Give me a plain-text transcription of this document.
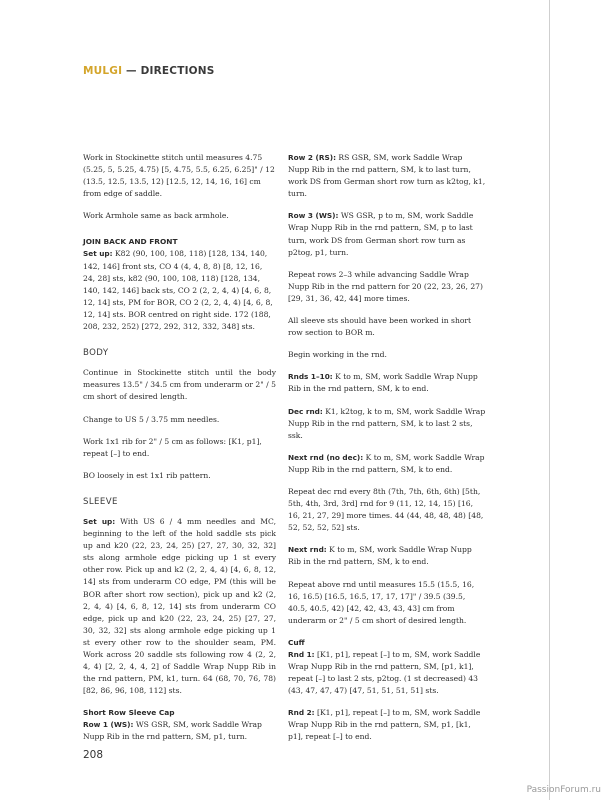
MULGI — DIRECTIONS

Work in Stockinette stitch until measures 4.75 (5.25, 5, 5.25, 4.75) [5, 4.75, 5.5, 6.25, 6.25]" / 12 (13.5, 12.5, 13.5, 12) [12.5, 12, 14, 16, 16] cm from edge of saddle.

Work Armhole same as back armhole.

JOIN BACK AND FRONT

Set up: K82 (90, 100, 108, 118) [128, 134, 140, 142, 146] front sts, CO 4 (4, 4, 8, 8) [8, 12, 16, 24, 28] sts, k82 (90, 100, 108, 118) [128, 134, 140, 142, 146] back sts, CO 2 (2, 2, 4, 4) [4, 6, 8, 12, 14] sts, PM for BOR, CO 2 (2, 2, 4, 4) [4, 6, 8, 12, 14] sts. BOR centred on right side. 172 (188, 208, 232, 252) [272, 292, 312, 332, 348] sts.

BODY

Continue in Stockinette stitch until the body measures 13.5" / 34.5 cm from underarm or 2" / 5 cm short of desired length.

Change to US 5 / 3.75 mm needles.

Work 1x1 rib for 2" / 5 cm as follows: [K1, p1], repeat [–] to end.

BO loosely in est 1x1 rib pattern.

SLEEVE

Set up: With US 6 / 4 mm needles and MC, beginning to the left of the hold saddle sts pick up and k20 (22, 23, 24, 25) [27, 27, 30, 32, 32] sts along armhole edge picking up 1 st every other row. Pick up and k2 (2, 2, 4, 4) [4, 6, 8, 12, 14] sts from underarm CO edge, PM (this will be BOR after short row section), pick up and k2 (2, 2, 4, 4) [4, 6, 8, 12, 14] sts from underarm CO edge, pick up and k20 (22, 23, 24, 25) [27, 27, 30, 32, 32] sts along armhole edge picking up 1 st every other row to the shoulder seam, PM. Work across 20 saddle sts following row 4 (2, 2, 4, 4) [2, 2, 4, 4, 2] of Saddle Wrap Nupp Rib in the rnd pattern, PM, k1, turn. 64 (68, 70, 76, 78) [82, 86, 96, 108, 112] sts.

Short Row Sleeve Cap

Row 1 (WS): WS GSR, SM, work Saddle Wrap Nupp Rib in the rnd pattern, SM, p1, turn.

Row 2 (RS): RS GSR, SM, work Saddle Wrap Nupp Rib in the rnd pattern, SM, k to last turn, work DS from German short row turn as k2tog, k1, turn.

Row 3 (WS): WS GSR, p to m, SM, work Saddle Wrap Nupp Rib in the rnd pattern, SM, p to last turn, work DS from German short row turn as p2tog, p1, turn.

Repeat rows 2–3 while advancing Saddle Wrap Nupp Rib in the rnd pattern for 20 (22, 23, 26, 27) [29, 31, 36, 42, 44] more times.

All sleeve sts should have been worked in short row section to BOR m.

Begin working in the rnd.

Rnds 1–10: K to m, SM, work Saddle Wrap Nupp Rib in the rnd pattern, SM, k to end.

Dec rnd: K1, k2tog, k to m, SM, work Saddle Wrap Nupp Rib in the rnd pattern, SM, k to last 2 sts, ssk.

Next rnd (no dec): K to m, SM, work Saddle Wrap Nupp Rib in the rnd pattern, SM, k to end.

Repeat dec rnd every 8th (7th, 7th, 6th, 6th) [5th, 5th, 4th, 3rd, 3rd] rnd for 9 (11, 12, 14, 15) [16, 16, 21, 27, 29] more times. 44 (44, 48, 48, 48) [48, 52, 52, 52, 52] sts.

Next rnd: K to m, SM, work Saddle Wrap Nupp Rib in the rnd pattern, SM, k to end.

Repeat above rnd until measures 15.5 (15.5, 16, 16, 16.5) [16.5, 16.5, 17, 17, 17]" / 39.5 (39.5, 40.5, 40.5, 42) [42, 42, 43, 43, 43] cm from underarm or 2" / 5 cm short of desired length.

Cuff

Rnd 1: [K1, p1], repeat [–] to m, SM, work Saddle Wrap Nupp Rib in the rnd pattern, SM, [p1, k1], repeat [–] to last 2 sts, p2tog. (1 st decreased) 43 (43, 47, 47, 47) [47, 51, 51, 51, 51] sts.

Rnd 2: [K1, p1], repeat [–] to m, SM, work Saddle Wrap Nupp Rib in the rnd pattern, SM, p1, [k1, p1], repeat [–] to end.

208
PassionForum.ru
